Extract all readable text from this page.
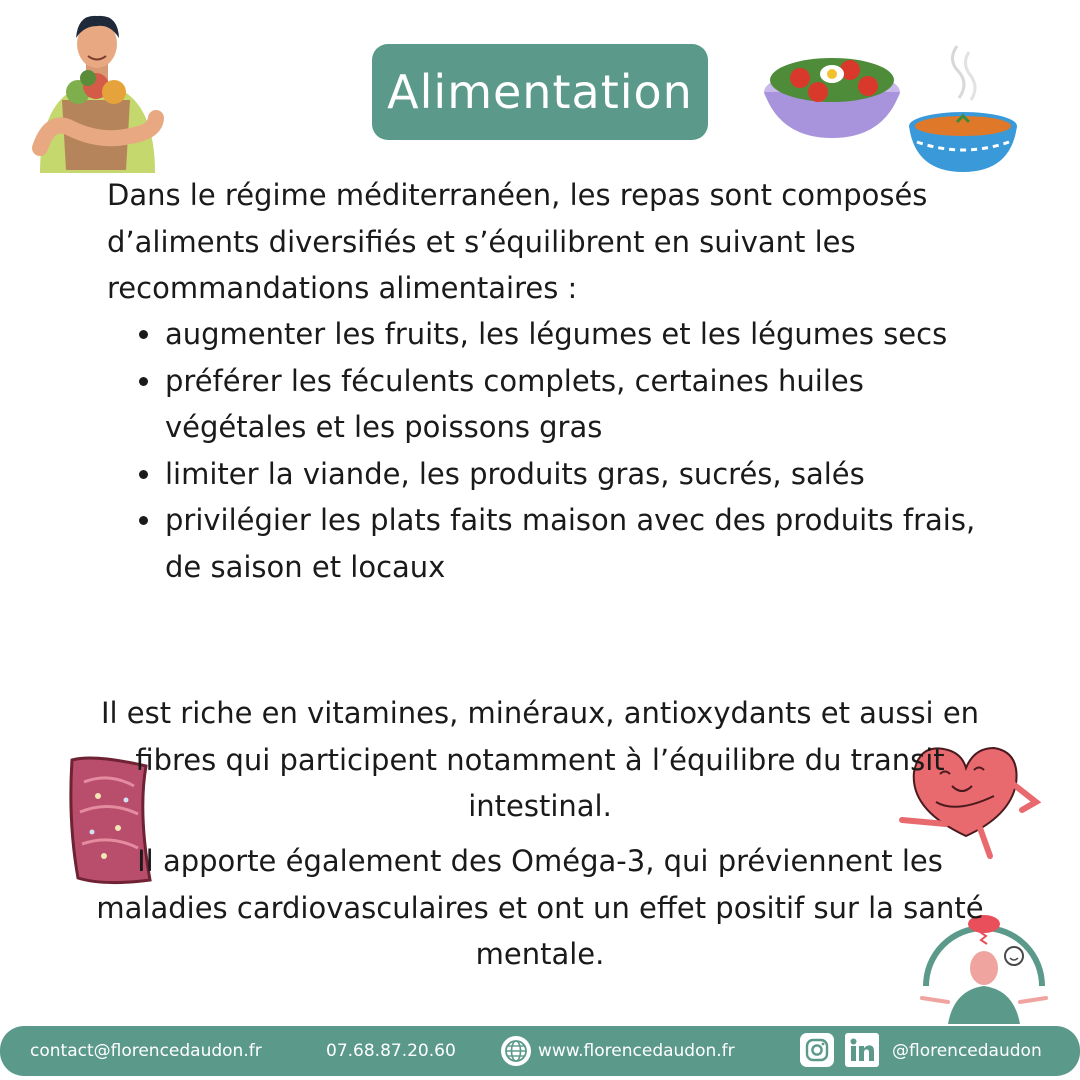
Alimentation

Dans le régime méditerranéen, les repas sont composés d’aliments diversifiés et s’équilibrent en suivant les recommandations alimentaires :

augmenter les fruits, les légumes et les légumes secs
préférer les féculents complets, certaines huiles végétales et les poissons gras
limiter la viande, les produits gras, sucrés, salés
privilégier les plats faits maison avec des produits frais, de saison et locaux

Il est riche en vitamines, minéraux, antioxydants et aussi en fibres qui participent notamment à l’équilibre du transit intestinal.

Il apporte également des Oméga-3, qui préviennent les maladies cardiovasculaires et ont un effet positif sur la santé mentale.

contact@florencedaudon.fr	07.68.87.20.60	www.florencedaudon.fr	@florencedaudon
